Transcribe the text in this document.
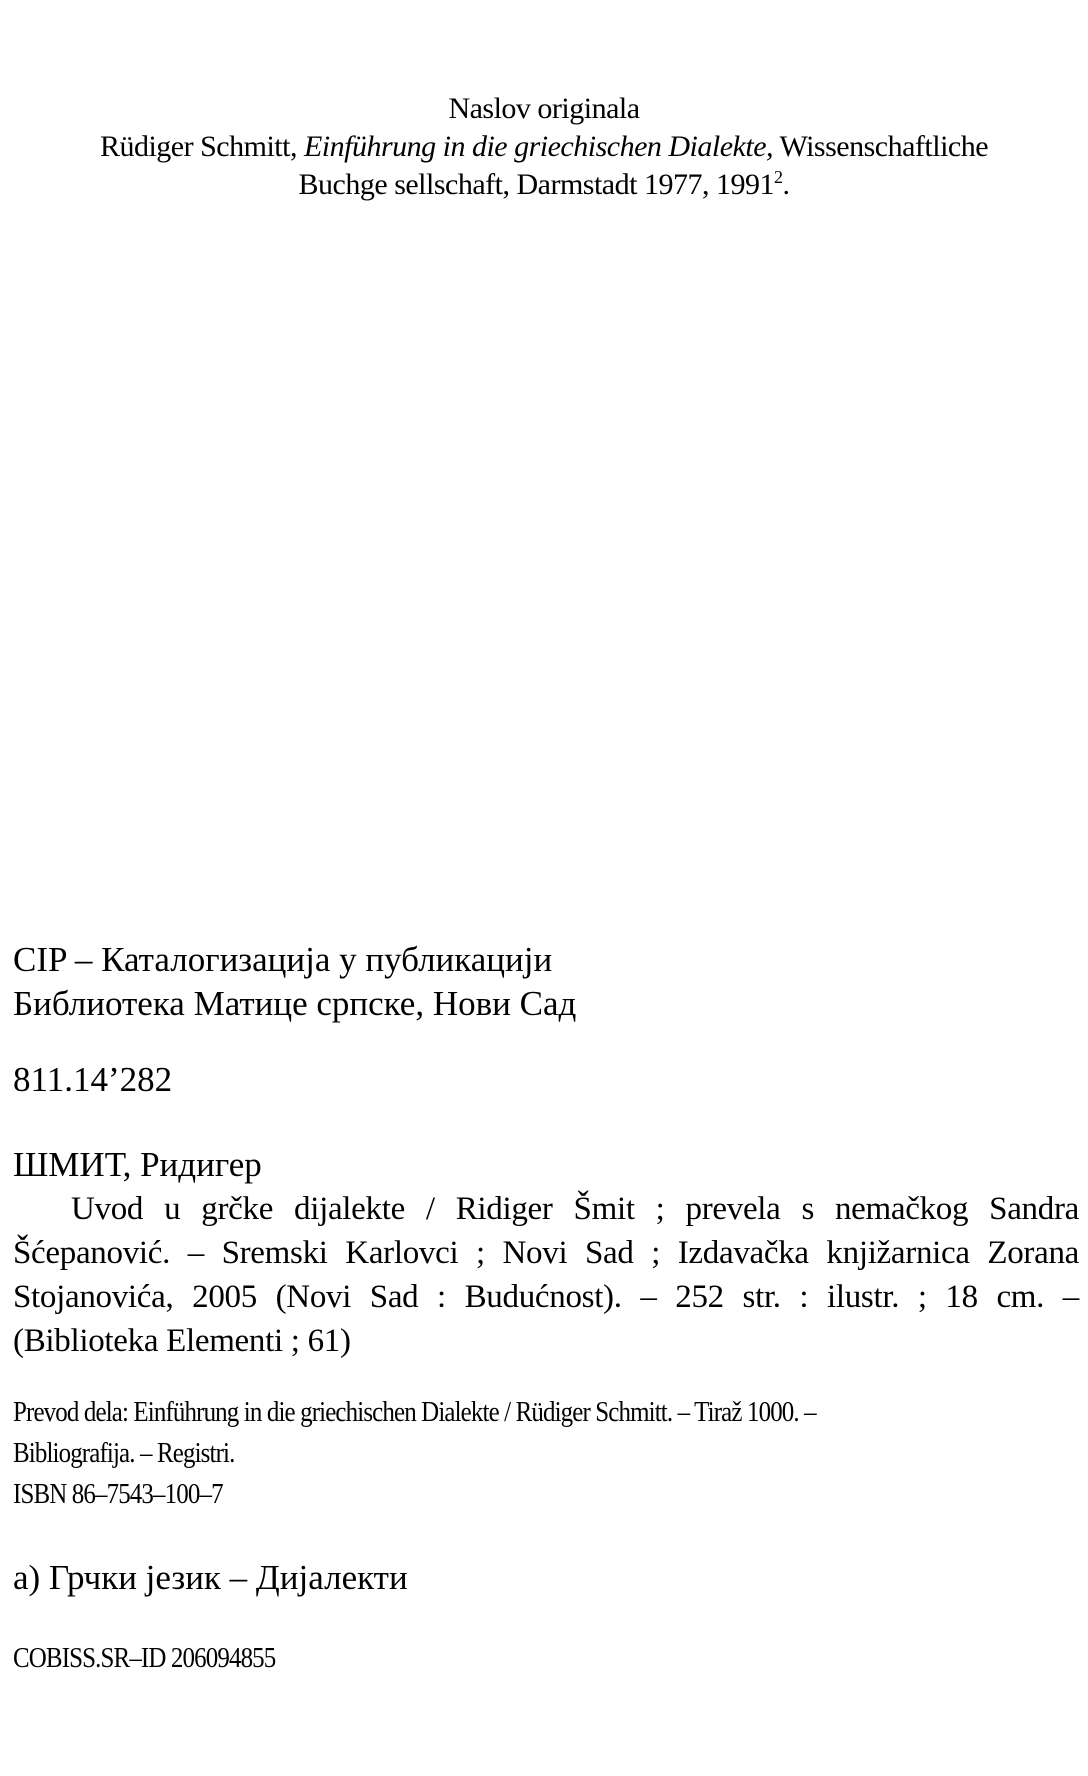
Naslov originala
Rüdiger Schmitt, Einführung in die griechischen Dialekte, Wissenschaftliche
Buchge sellschaft, Darmstadt 1977, 1991$^2$.
CIP – Каталогизација у публикацији
Библиотека Матице српске, Нови Сад
811.14’282
ШМИТ, Ридигер
Uvod u grčke dijalekte / Ridiger Šmit ; prevela s nemačkog Sandra Šćepanović. – Sremski Karlovci ; Novi Sad ; Izdavačka knjižarnica Zorana Stojanovića, 2005 (Novi Sad : Budućnost). – 252 str. : ilustr. ; 18 cm. – (Biblioteka Elementi ; 61)
Prevod dela: Einführung in die griechischen Dialekte / Rüdiger Schmitt. – Tiraž 1000. –
Bibliografija. – Registri.
ISBN 86–7543–100–7
а) Грчки језик – Дијалекти
COBISS.SR–ID 206094855
